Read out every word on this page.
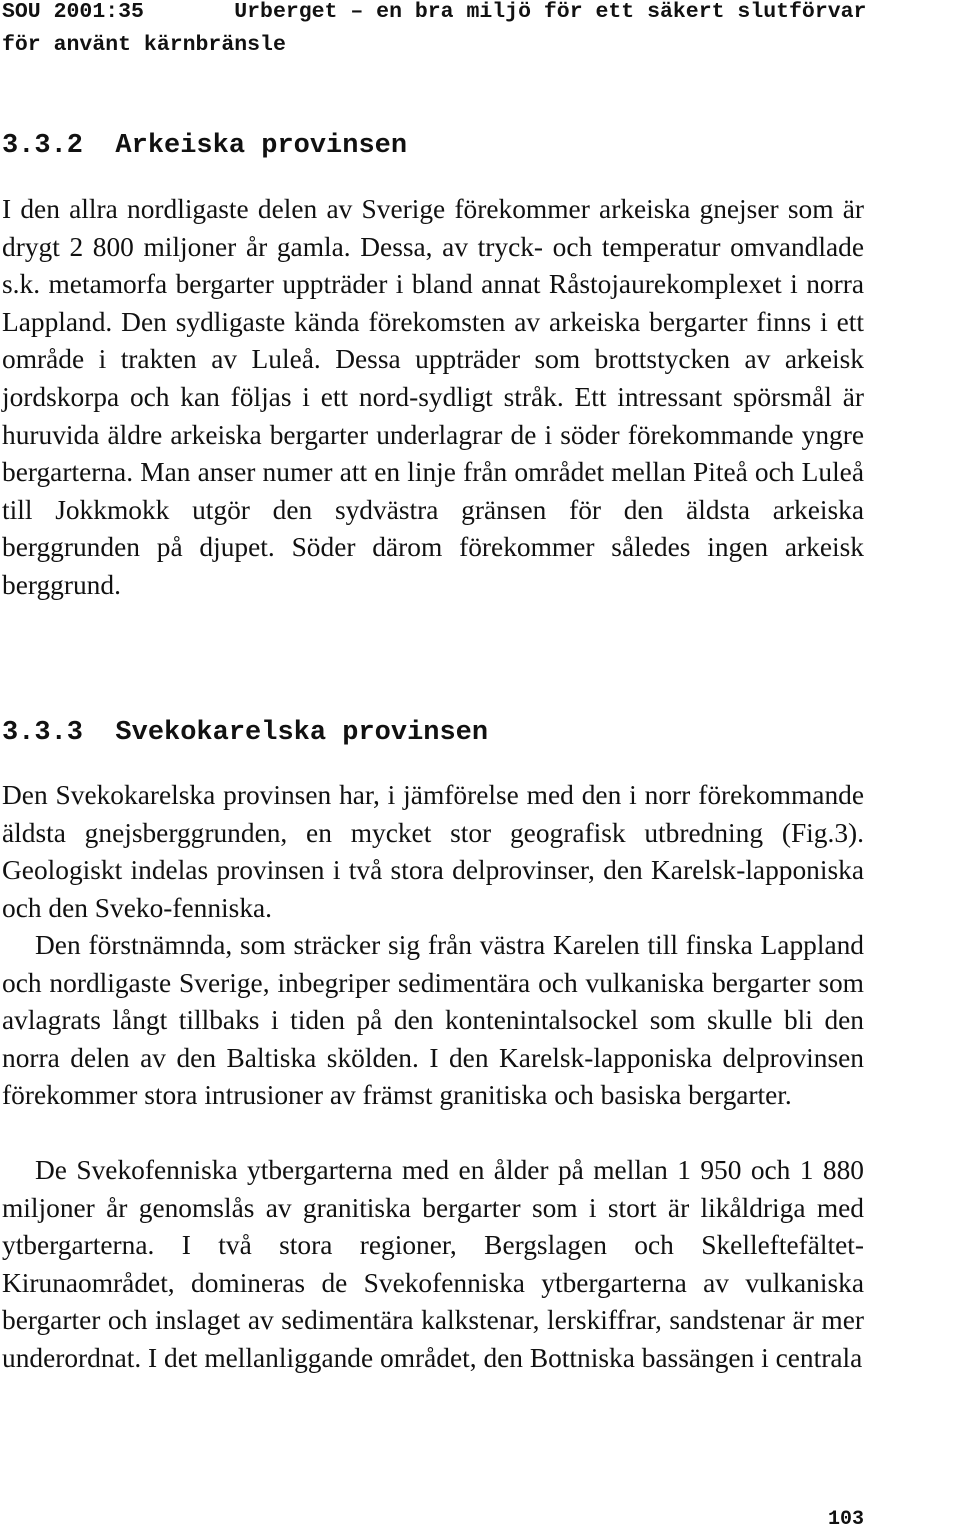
SOU 2001:35       Urberget – en bra miljö för ett säkert slutförvar
för använt kärnbränsle
3.3.2  Arkeiska provinsen

I den allra nordligaste delen av Sverige förekommer arkeiska gnejser som är drygt 2 800 miljoner år gamla. Dessa, av tryck- och temperatur omvandlade s.k. metamorfa bergarter uppträder i bland annat Råstojaurekomplexet i norra Lappland. Den sydligaste kända förekomsten av arkeiska bergarter finns i ett område i trakten av Luleå. Dessa uppträder som brottstycken av arkeisk jordskorpa och kan följas i ett nord-sydligt stråk. Ett intressant spörsmål är huruvida äldre arkeiska bergarter underlagrar de i söder förekommande yngre bergarterna. Man anser numer att en linje från området mellan Piteå och Luleå till Jokkmokk utgör den sydvästra gränsen för den äldsta arkeiska berggrunden på djupet. Söder därom förekommer således ingen arkeisk berggrund.

3.3.3  Svekokarelska provinsen

Den Svekokarelska provinsen har, i jämförelse med den i norr förekommande äldsta gnejsberggrunden, en mycket stor geografisk utbredning (Fig.3). Geologiskt indelas provinsen i två stora delprovinser, den Karelsk-lapponiska och den Sveko-fenniska.

Den förstnämnda, som sträcker sig från västra Karelen till finska Lappland och nordligaste Sverige, inbegriper sedimentära och vulkaniska bergarter som avlagrats långt tillbaks i tiden på den kontenintalsockel som skulle bli den norra delen av den Baltiska skölden. I den Karelsk-lapponiska delprovinsen förekommer stora intrusioner av främst granitiska och basiska bergarter.

De Svekofenniska ytbergarterna med en ålder på mellan 1 950 och 1 880 miljoner år genomslås av granitiska bergarter som i stort är likåldriga med ytbergarterna. I två stora regioner, Bergslagen och Skelleftefältet-Kirunaområdet, domineras de Svekofenniska ytbergarterna av vulkaniska bergarter och inslaget av sedimentära kalkstenar, lerskiffrar, sandstenar är mer underordnat. I det mellanliggande området, den Bottniska bassängen i centrala

103
